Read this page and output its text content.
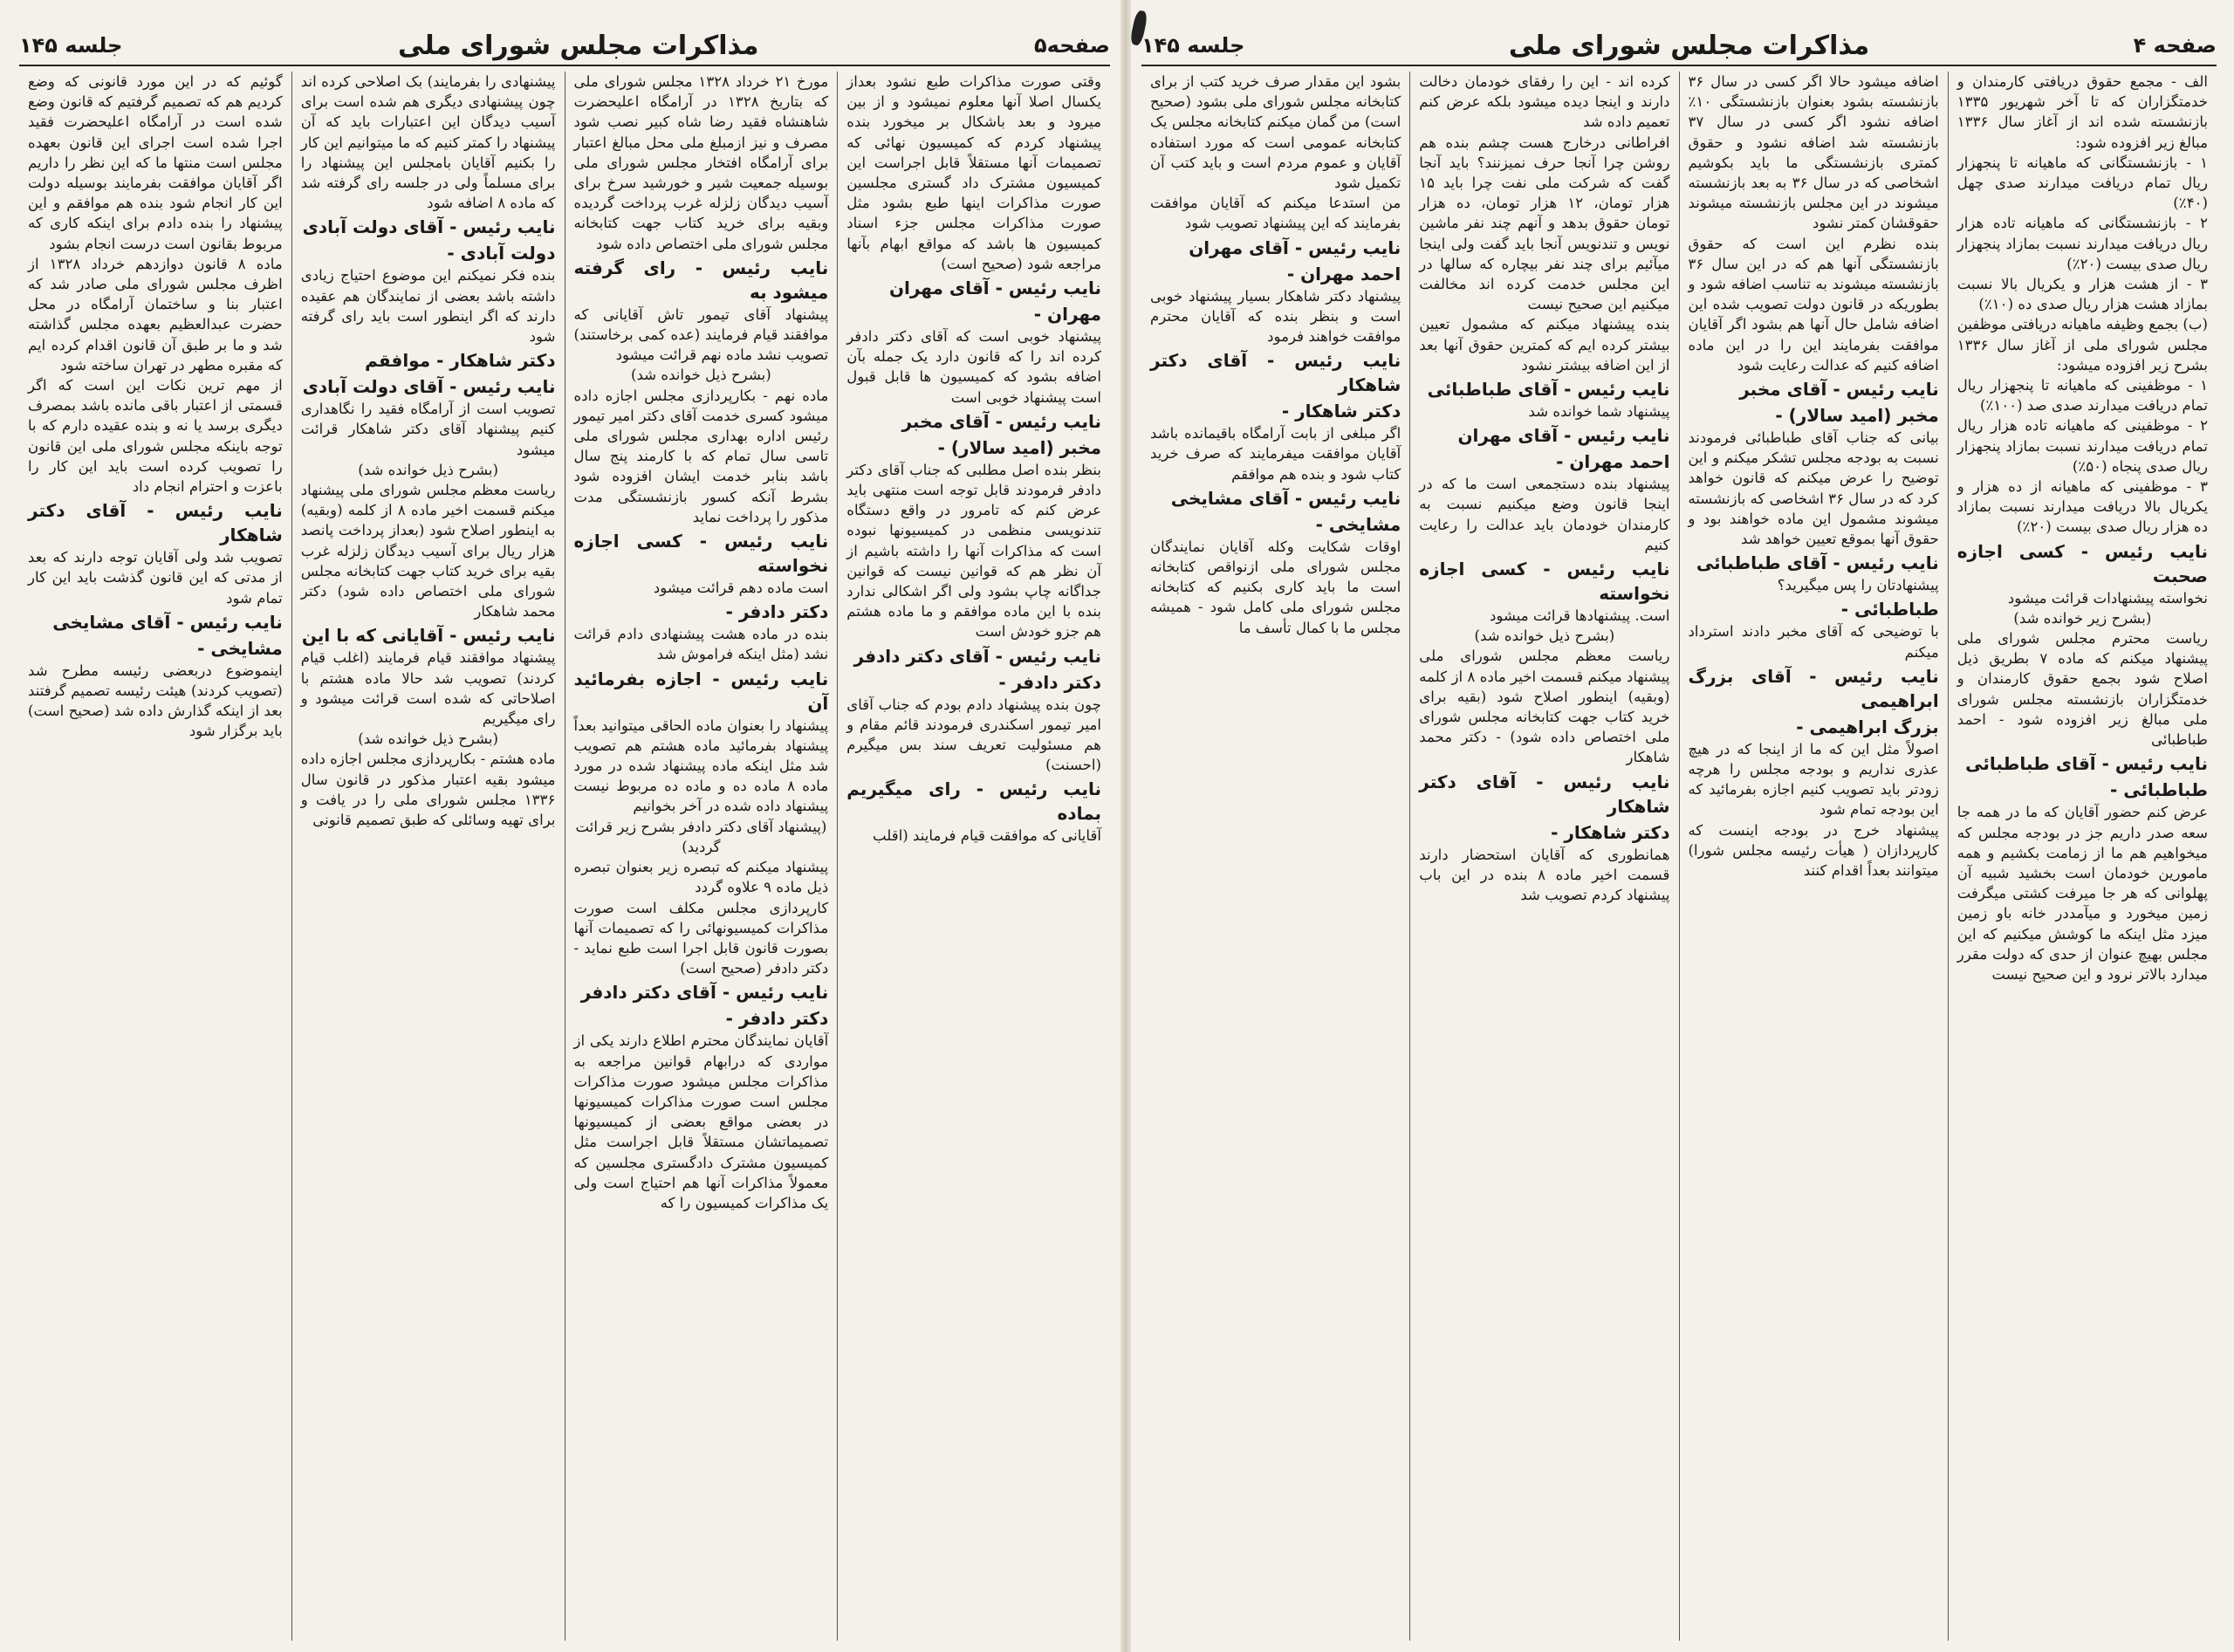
صفحه۵
مذاکرات مجلس شورای ملی
جلسه ۱۴۵

وقتی صورت مذاکرات طبع نشود بعداز یکسال اصلا آنها معلوم نمیشود و از بین میرود و بعد باشکال بر میخورد بنده پیشنهاد کردم که کمیسیون نهائی که تصمیمات آنها مستقلاً قابل اجراست این کمیسیون مشترک داد گستری مجلسین صورت مذاکرات اینها طبع بشود مثل صورت مذاکرات مجلس جزء اسناد کمیسیون ها باشد که مواقع ابهام بآنها مراجعه شود (صحیح است)

نایب رئیس - آقای مهران
مهران -

پیشنهاد خوبی است که آقای دکتر دادفر کرده اند را که قانون دارد یک جمله بآن اضافه بشود که کمیسیون ها قابل قبول است پیشنهاد خوبی است

نایب رئیس - آقای مخبر
مخبر (امید سالار) -

بنظر بنده اصل مطلبی که جناب آقای دکتر دادفر فرمودند قابل توجه است منتهی باید عرض کنم که تامرور در واقع دستگاه تندنویسی منظمی در کمیسیونها نبوده است که مذاکرات آنها را داشته باشیم از آن نظر هم که قوانین نیست که قوانین جداگانه چاپ بشود ولی اگر اشکالی ندارد بنده با این ماده موافقم و ما ماده هشتم هم جزو خودش است

نایب رئیس - آقای دکتر دادفر
دکتر دادفر -

چون بنده پیشنهاد دادم بودم که جناب آقای امیر تیمور اسکندری فرمودند قائم مقام و هم مسئولیت تعریف سند بس میگیرم (احسنت)

نایب رئیس - رای میگیریم بماده

آقایانی که موافقت قیام فرمایند (اقلب

مورخ ۲۱ خرداد ۱۳۲۸ مجلس شورای ملی که بتاریخ ۱۳۲۸ در آرامگاه اعلیحضرت شاهنشاه فقید رضا شاه کبیر نصب شود مصرف و نیز ازمبلغ ملی محل مبالغ اعتبار برای آرامگاه افتخار مجلس شورای ملی بوسیله جمعیت شیر و خورشید سرخ برای آسیب دیدگان زلزله غرب پرداخت گردیده وبقیه برای خرید کتاب جهت کتابخانه مجلس شورای ملی اختصاص داده شود

نایب رئیس - رای گرفته میشود به

پیشنهاد آقای تیمور تاش آقایانی که موافقند قیام فرمایند (عده کمی برخاستند) تصویب نشد ماده نهم قرائت میشود

(بشرح ذیل خوانده شد)

ماده نهم - بکارپردازی مجلس اجازه داده میشود کسری خدمت آقای دکتر امیر تیمور رئیس اداره بهداری مجلس شورای ملی تاسی سال تمام که با کارمند پنج سال باشد بنابر خدمت ایشان افزوده شود بشرط آنکه کسور بازنشستگی مدت مذکور را پرداخت نماید

نایب رئیس - کسی اجازه نخواسته

است ماده دهم قرائت میشود

دکتر دادفر -

بنده در ماده هشت پیشنهادی دادم قرائت نشد (مثل اینکه فراموش شد

نایب رئیس - اجازه بفرمائید آن

پیشنهاد را بعنوان ماده الحاقی میتوانید بعداً پیشنهاد بفرمائید ماده هشتم هم تصویب شد مثل اینکه ماده پیشنهاد شده در مورد ماده ۸ ماده ده و ماده ده مربوط نیست پیشنهاد داده شده در آخر بخوانیم

(پیشنهاد آقای دکتر دادفر بشرح زیر قرائت گردید)

پیشنهاد میکنم که تبصره زیر بعنوان تبصره ذیل ماده ۹ علاوه گردد

کارپردازی مجلس مکلف است صورت مذاکرات کمیسیونهائی را که تصمیمات آنها بصورت قانون قابل اجرا است طبع نماید - دکتر دادفر (صحیح است)

نایب رئیس - آقای دکتر دادفر
دکتر دادفر -

آقایان نمایندگان محترم اطلاع دارند یکی از مواردی که درابهام قوانین مراجعه به مذاکرات مجلس میشود صورت مذاکرات مجلس است صورت مذاکرات کمیسیونها در بعضی مواقع بعضی از کمیسیونها تصمیماتشان مستقلاً قابل اجراست مثل کمیسیون مشترک دادگستری مجلسین که معمولاً مذاکرات آنها هم احتیاج است ولی یک مذاکرات کمیسیون را که

پیشنهادی را بفرمایند) بک اصلاحی کرده اند چون پیشنهادی دیگری هم شده است برای آسیب دیدگان این اعتبارات باید که آن پیشنهاد را کمتر کنیم که ما میتوانیم این کار را بکنیم آقایان بامجلس این پیشنهاد را برای مسلماً ولی در جلسه رای گرفته شد که ماده ۸ اضافه شود

نایب رئیس - آقای دولت آبادی
دولت آبادی -

بنده فکر نمیکنم این موضوع احتیاج زیادی داشته باشد بعضی از نمایندگان هم عقیده دارند که اگر اینطور است باید رای گرفته شود

دکتر شاهکار - موافقم
نایب رئیس - آقای دولت آبادی

تصویب است از آرامگاه فقید را نگاهداری کنیم پیشنهاد آقای دکتر شاهکار قرائت میشود

(بشرح ذیل خوانده شد)

ریاست معظم مجلس شورای ملی پیشنهاد میکنم قسمت اخیر ماده ۸ از کلمه (وبقیه) به اینطور اصلاح شود (بعداز پرداخت پانصد هزار ریال برای آسیب دیدگان زلزله غرب بقیه برای خرید کتاب جهت کتابخانه مجلس شورای ملی اختصاص داده شود) دکتر محمد شاهکار

نایب رئیس - آقایانی که با این

پیشنهاد موافقند قیام فرمایند (اغلب قیام کردند) تصویب شد حالا ماده هشتم با اصلاحاتی که شده است قرائت میشود و رای میگیریم

(بشرح ذیل خوانده شد)

ماده هشتم - بکارپردازی مجلس اجازه داده میشود بقیه اعتبار مذکور در قانون سال ۱۳۳۶ مجلس شورای ملی را در یافت و برای تهیه وسائلی که طبق تصمیم قانونی

گوئیم که در این مورد قانونی که وضع کردیم هم که تصمیم گرفتیم که قانون وضع شده است در آرامگاه اعلیحضرت فقید اجرا شده است اجرای این قانون بعهده مجلس است منتها ما که این نظر را داریم اگر آقایان موافقت بفرمایند بوسیله دولت این کار انجام شود بنده هم موافقم و این پیشنهاد را بنده دادم برای اینکه کاری که مربوط بقانون است درست انجام بشود

ماده ۸ قانون دوازدهم خرداد ۱۳۲۸ از اظرف مجلس شورای ملی صادر شد که اعتبار بنا و ساختمان آرامگاه در محل حضرت عبدالعظیم بعهده مجلس گذاشته شد و ما بر طبق آن قانون اقدام کرده ایم که مقبره مطهر در تهران ساخته شود

از مهم ترین نکات این است که اگر قسمتی از اعتبار باقی مانده باشد بمصرف دیگری برسد یا نه و بنده عقیده دارم که با توجه باینکه مجلس شورای ملی این قانون را تصویب کرده است باید این کار را باعزت و احترام انجام داد

نایب رئیس - آقای دکتر شاهکار

تصویب شد ولی آقایان توجه دارند که بعد از مدتی که این قانون گذشت باید این کار تمام شود

نایب رئیس - آقای مشایخی
مشایخی -

اینموضوع دربعضی رئیسه مطرح شد (تصویب کردند) هیئت رئیسه تصمیم گرفتند بعد از اینکه گذارش داده شد (صحیح است) باید برگزار شود

صفحه ۴
مذاکرات مجلس شورای ملی
جلسه ۱۴۵

الف - مجمع حقوق دریافتی کارمندان و خدمتگزاران که تا آخر شهریور ۱۳۳۵ بازنشسته شده اند از آغاز سال ۱۳۳۶ مبالغ زیر افزوده شود:

۱ - بازنشستگانی که ماهیانه تا پنجهزار ریال تمام دریافت میدارند صدی چهل (۴۰٪)

۲ - بازنشستگانی که ماهیانه تاده هزار ریال دریافت میدارند نسبت بمازاد پنجهزار ریال صدی بیست (۲۰٪)

۳ - از هشت هزار و یکریال بالا نسبت بمازاد هشت هزار ریال صدی ده (۱۰٪)

(ب) بجمع وظیفه ماهیانه دریافتی موظفین مجلس شورای ملی از آغاز سال ۱۳۳۶ بشرح زیر افزوده میشود:

۱ - موظفینی که ماهیانه تا پنجهزار ریال تمام دریافت میدارند صدی صد (۱۰۰٪)

۲ - موظفینی که ماهیانه تاده هزار ریال تمام دریافت میدارند نسبت بمازاد پنجهزار ریال صدی پنجاه (۵۰٪)

۳ - موظفینی که ماهیانه از ده هزار و یکریال بالا دریافت میدارند نسبت بمازاد ده هزار ریال صدی بیست (۲۰٪)

نایب رئیس - کسی اجازه صحبت

نخواسته پیشنهادات قرائت میشود

(بشرح زیر خوانده شد)

ریاست محترم مجلس شورای ملی پیشنهاد میکنم که ماده ۷ بطریق ذیل اصلاح شود بجمع حقوق کارمندان و خدمتگزاران بازنشسته مجلس شورای ملی مبالغ زیر افزوده شود - احمد طباطبائی

نایب رئیس - آقای طباطبائی
طباطبائی -

عرض کنم حضور آقایان که ما در همه جا سعه صدر داریم جز در بودجه مجلس که میخواهیم هم ما از زمامت بکشیم و همه مامورین خودمان است بخشید شبیه آن پهلوانی که هر جا میرفت کشتی میگرفت زمین میخورد و میآمددر خانه باو زمین میزد مثل اینکه ما کوشش میکنیم که این مجلس بهیچ عنوان از حدی که دولت مقرر میدارد بالاتر نرود و این صحیح نیست

اضافه میشود حالا اگر کسی در سال ۳۶ بازنشسته بشود بعنوان بازنشستگی ۱۰٪ اضافه نشود اگر کسی در سال ۳۷ بازنشسته شد اضافه نشود و حقوق کمتری بازنشستگی ما باید بکوشیم اشخاصی که در سال ۳۶ به بعد بازنشسته میشوند در این مجلس بازنشسته میشوند حقوقشان کمتر نشود

بنده نظرم این است که حقوق بازنشستگی آنها هم که در این سال ۳۶ بازنشسته میشوند به تناسب اضافه شود و بطوریکه در قانون دولت تصویب شده این اضافه شامل حال آنها هم بشود اگر آقایان موافقت بفرمایند این را در این ماده اضافه کنیم که عدالت رعایت شود

نایب رئیس - آقای مخبر
مخبر (امید سالار) -

بیانی که جناب آقای طباطبائی فرمودند نسبت به بودجه مجلس تشکر میکنم و این توضیح را عرض میکنم که قانون خواهد کرد که در سال ۳۶ اشخاصی که بازنشسته میشوند مشمول این ماده خواهند بود و حقوق آنها بموقع تعیین خواهد شد

نایب رئیس - آقای طباطبائی

پیشنهادتان را پس میگیرید؟

طباطبائی -

با توضیحی که آقای مخبر دادند استرداد میکنم

نایب رئیس - آقای بزرگ ابراهیمی
بزرگ ابراهیمی -

اصولاً مثل این که ما از اینجا که در هیچ عذری نداریم و بودجه مجلس را هرچه زودتر باید تصویب کنیم اجازه بفرمائید که این بودجه تمام شود

پیشنهاد خرج در بودجه اینست که کارپردازان ( هیأت رئیسه مجلس شورا) میتوانند بعداً اقدام کنند

کرده اند - این را رفقای خودمان دخالت دارند و اینجا دیده میشود بلکه عرض کنم تعمیم داده شد

افراطانی درخارج هست چشم بنده هم روشن چرا آنجا حرف نمیزنند؟ باید آنجا گفت که شرکت ملی نفت چرا باید ۱۵ هزار تومان، ۱۲ هزار تومان، ده هزار تومان حقوق بدهد و آنهم چند نفر ماشین نویس و تندنویس آنجا باید گفت ولی اینجا میآئیم برای چند نفر بیچاره که سالها در این مجلس خدمت کرده اند مخالفت میکنیم این صحیح نیست

بنده پیشنهاد میکنم که مشمول تعیین بیشتر کرده ایم که کمترین حقوق آنها بعد از این اضافه بیشتر نشود

نایب رئیس - آقای طباطبائی

پیشنهاد شما خوانده شد

نایب رئیس - آقای مهران
احمد مهران -

پیشنهاد بنده دستجمعی است ما که در اینجا قانون وضع میکنیم نسبت به کارمندان خودمان باید عدالت را رعایت کنیم

نایب رئیس - کسی اجازه نخواسته

است. پیشنهادها قرائت میشود

(بشرح ذیل خوانده شد)

ریاست معظم مجلس شورای ملی پیشنهاد میکنم قسمت اخیر ماده ۸ از کلمه (وبقیه) اینطور اصلاح شود (بقیه برای خرید کتاب جهت کتابخانه مجلس شورای ملی اختصاص داده شود) - دکتر محمد شاهکار

نایب رئیس - آقای دکتر شاهکار
دکتر شاهکار -

همانطوری که آقایان استحضار دارند قسمت اخیر ماده ۸ بنده در این باب پیشنهاد کردم تصویب شد

بشود این مقدار صرف خرید کتب از برای کتابخانه مجلس شورای ملی بشود (صحیح است) من گمان میکنم کتابخانه مجلس یک کتابخانه عمومی است که مورد استفاده آقایان و عموم مردم است و باید کتب آن تکمیل شود

من استدعا میکنم که آقایان موافقت بفرمایند که این پیشنهاد تصویب شود

نایب رئیس - آقای مهران
احمد مهران -

پیشنهاد دکتر شاهکار بسیار پیشنهاد خوبی است و بنظر بنده که آقایان محترم موافقت خواهند فرمود

نایب رئیس - آقای دکتر شاهکار
دکتر شاهکار -

اگر مبلغی از بابت آرامگاه باقیمانده باشد آقایان موافقت میفرمایند که صرف خرید کتاب شود و بنده هم موافقم

نایب رئیس - آقای مشایخی
مشایخی -

اوقات شکایت وکله آقایان نمایندگان مجلس شورای ملی ازنواقص کتابخانه است ما باید کاری بکنیم که کتابخانه مجلس شورای ملی کامل شود - همیشه مجلس ما با کمال تأسف ما
